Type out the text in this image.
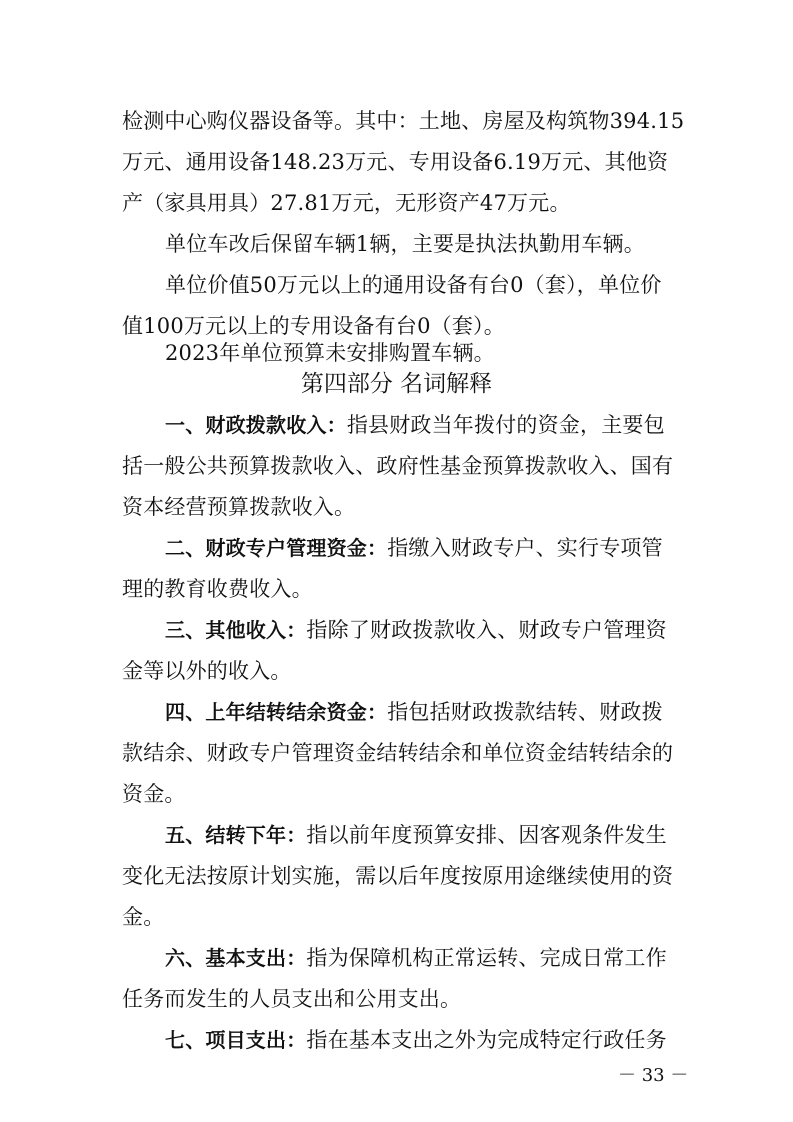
检测中心购仪器设备等。其中：土地、房屋及构筑物394.15
万元、通用设备148.23万元、专用设备6.19万元、其他资
产（家具用具）27.81万元，无形资产47万元。
单位车改后保留车辆1辆，主要是执法执勤用车辆。
单位价值50万元以上的通用设备有台0（套），单位价
值100万元以上的专用设备有台0（套）。
2023年单位预算未安排购置车辆。
第四部分 名词解释
一、财政拨款收入：指县财政当年拨付的资金，主要包
括一般公共预算拨款收入、政府性基金预算拨款收入、国有
资本经营预算拨款收入。
二、财政专户管理资金：指缴入财政专户、实行专项管
理的教育收费收入。
三、其他收入：指除了财政拨款收入、财政专户管理资
金等以外的收入。
四、上年结转结余资金：指包括财政拨款结转、财政拨
款结余、财政专户管理资金结转结余和单位资金结转结余的
资金。
五、结转下年：指以前年度预算安排、因客观条件发生
变化无法按原计划实施，需以后年度按原用途继续使用的资
金。
六、基本支出：指为保障机构正常运转、完成日常工作
任务而发生的人员支出和公用支出。
七、项目支出：指在基本支出之外为完成特定行政任务
－ 33 －
